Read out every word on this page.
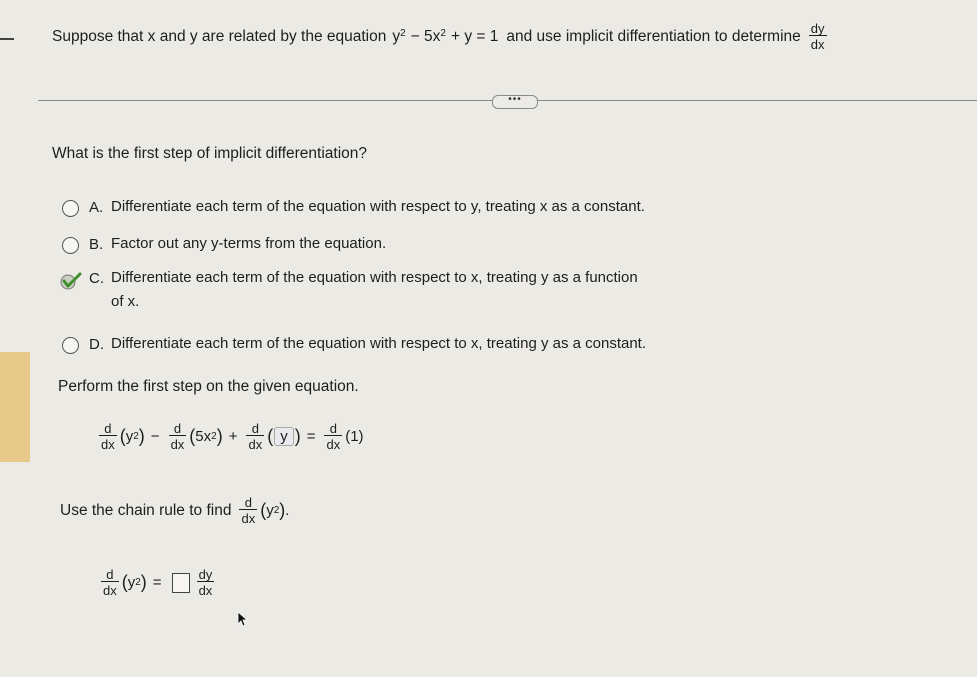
Suppose that x and y are related by the equation $y^2 - 5x^2 + y = 1$ and use implicit differentiation to determine $\frac{dy}{dx}$
•••
What is the first step of implicit differentiation?
A. Differentiate each term of the equation with respect to y, treating x as a constant.
B. Factor out any y-terms from the equation.
C. Differentiate each term of the equation with respect to x, treating y as a function
of x.
D. Differentiate each term of the equation with respect to x, treating y as a constant.
Perform the first step on the given equation.
$\frac{d}{dx}$ ( y 2 ) − $\frac{d}{dx}$ ( 5x 2 ) + $\frac{d}{dx}$ ( y ) = $\frac{d}{dx} (1)$
Use the chain rule to find $\frac{d}{dx}$ ( y 2 ) .
$\frac{d}{dx}$ ( y 2 ) =	$\frac{dy}{dx}$
